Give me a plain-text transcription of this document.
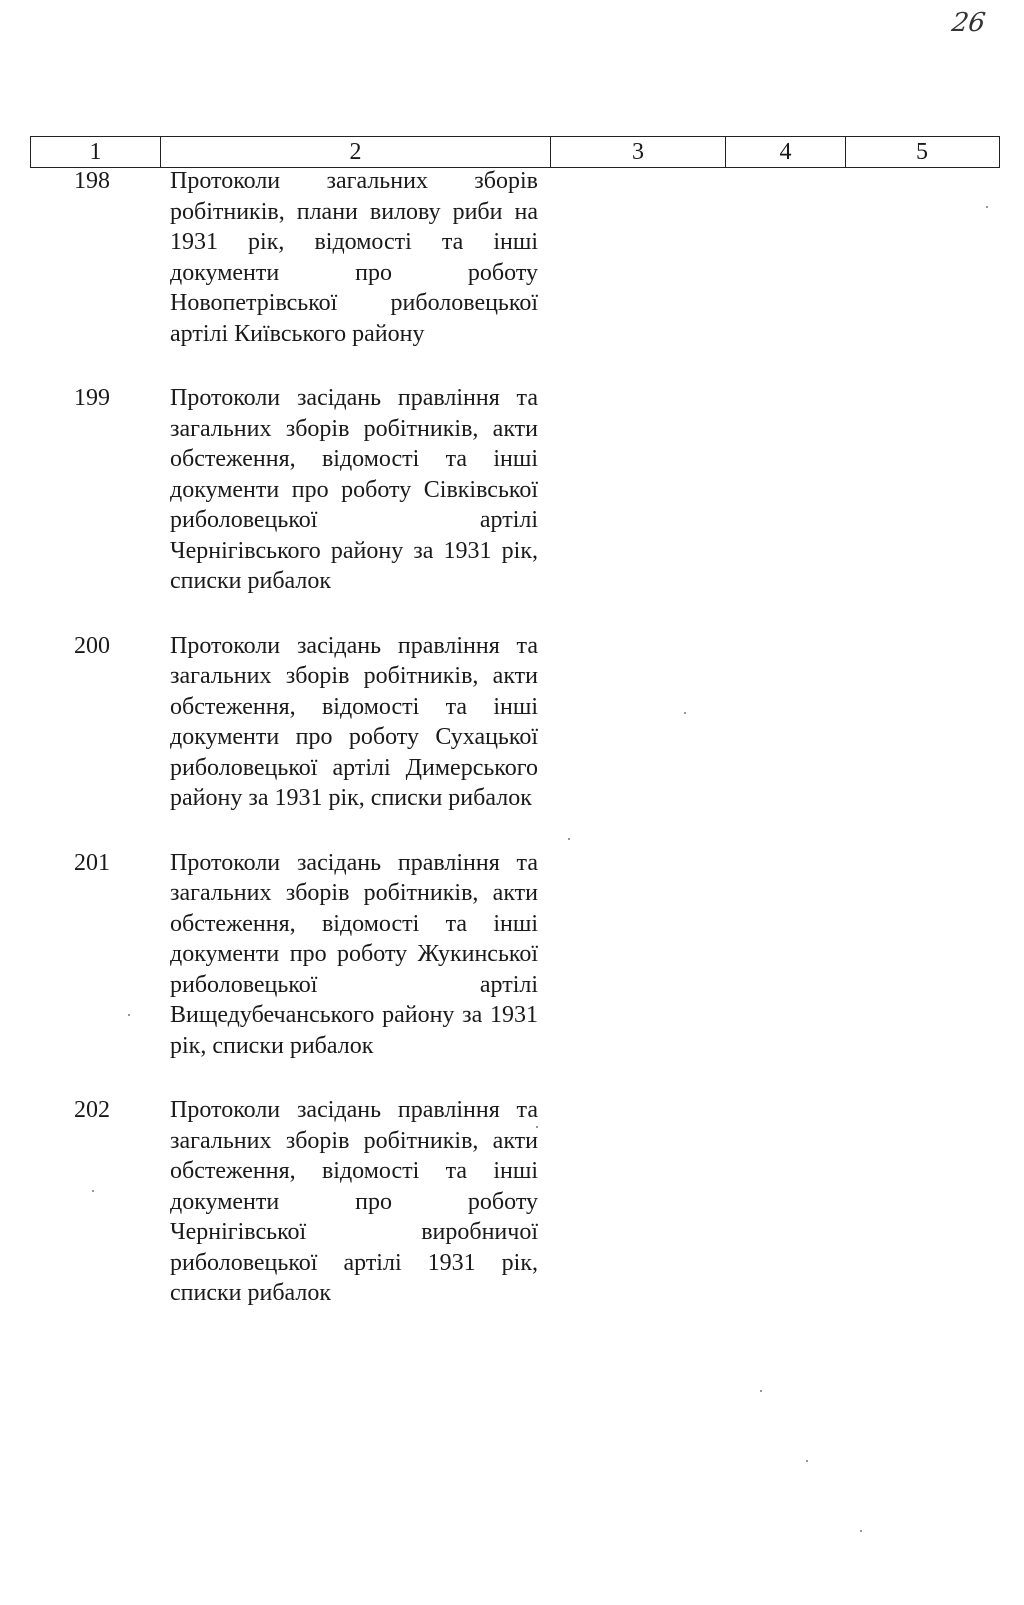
26
1	2	3	4	5
198	Протоколи загальних зборів робітників, плани вилову риби на 1931 рік, відомості та інші документи про роботу Новопетрівської риболовецької артілі Київського району
199	Протоколи засідань правління та загальних зборів робітників, акти обстеження, відомості та інші документи про роботу Сівківської риболовецької артілі Чернігівського району за 1931 рік, списки рибалок
200	Протоколи засідань правління та загальних зборів робітників, акти обстеження, відомості та інші документи про роботу Сухацької риболовецької артілі Димерського району за 1931 рік, списки рибалок
201	Протоколи засідань правління та загальних зборів робітників, акти обстеження, відомості та інші документи про роботу Жукинської риболовецької артілі Вищедубечанського району за 1931 рік, списки рибалок
202	Протоколи засідань правління та загальних зборів робітників, акти обстеження, відомості та інші документи про роботу Чернігівської виробничої риболовецької артілі 1931 рік, списки рибалок
